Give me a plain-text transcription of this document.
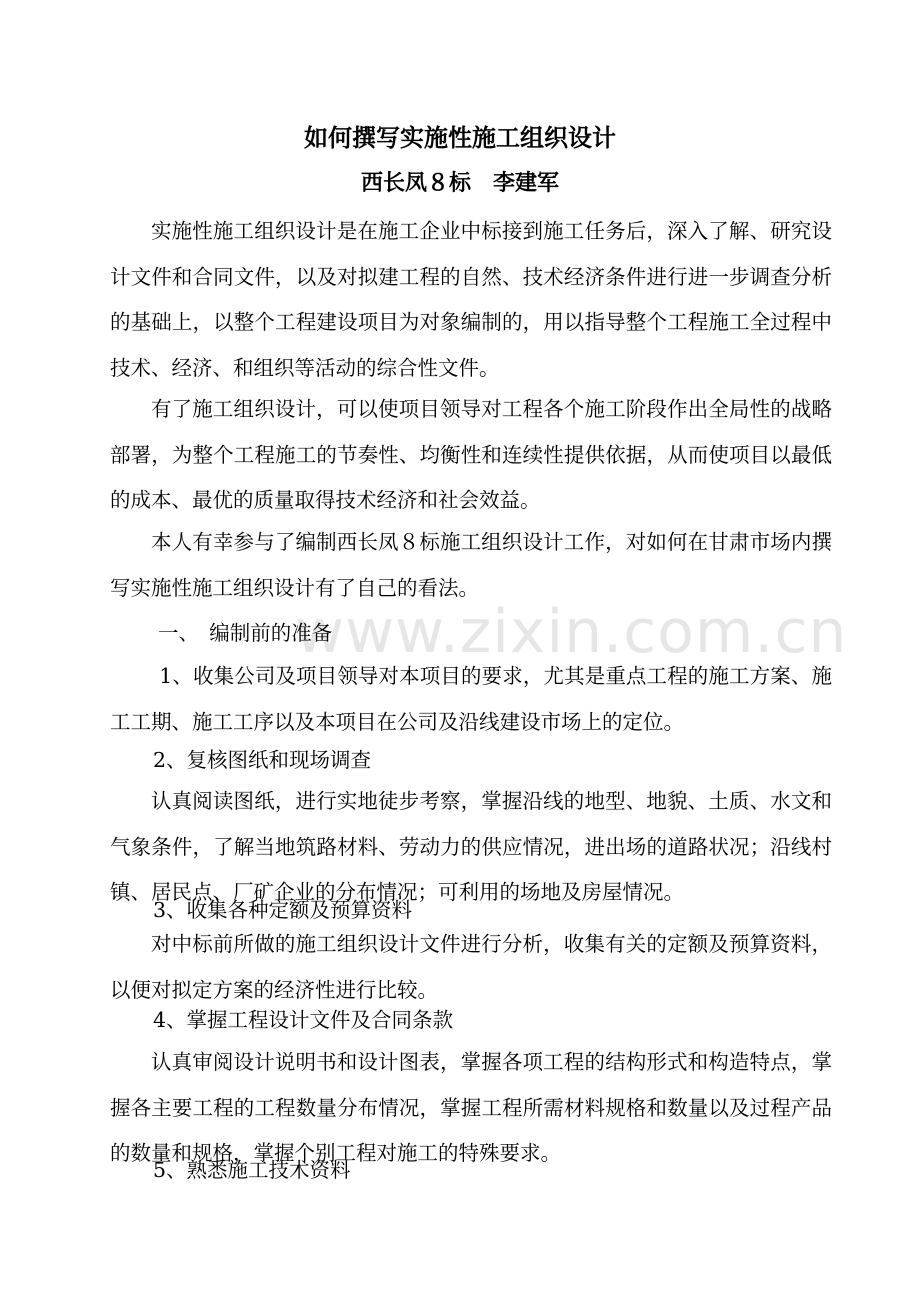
www.zixin.com.cn
如何撰写实施性施工组织设计
西长凤８标　李建军

实施性施工组织设计是在施工企业中标接到施工任务后，深入了解、研究设计文件和合同文件，以及对拟建工程的自然、技术经济条件进行进一步调查分析的基础上，以整个工程建设项目为对象编制的，用以指导整个工程施工全过程中技术、经济、和组织等活动的综合性文件。

有了施工组织设计，可以使项目领导对工程各个施工阶段作出全局性的战略部署，为整个工程施工的节奏性、均衡性和连续性提供依据，从而使项目以最低的成本、最优的质量取得技术经济和社会效益。

本人有幸参与了编制西长凤８标施工组织设计工作，对如何在甘肃市场内撰写实施性施工组织设计有了自己的看法。

一、　编制前的准备

1、收集公司及项目领导对本项目的要求，尤其是重点工程的施工方案、施工工期、施工工序以及本项目在公司及沿线建设市场上的定位。

2、复核图纸和现场调查

认真阅读图纸，进行实地徒步考察，掌握沿线的地型、地貌、土质、水文和气象条件，了解当地筑路材料、劳动力的供应情况，进出场的道路状况；沿线村镇、居民点、厂矿企业的分布情况；可利用的场地及房屋情况。

3、收集各种定额及预算资料

对中标前所做的施工组织设计文件进行分析，收集有关的定额及预算资料，以便对拟定方案的经济性进行比较。

4、掌握工程设计文件及合同条款

认真审阅设计说明书和设计图表，掌握各项工程的结构形式和构造特点，掌握各主要工程的工程数量分布情况，掌握工程所需材料规格和数量以及过程产品的数量和规格，掌握个别工程对施工的特殊要求。

5、熟悉施工技术资料
